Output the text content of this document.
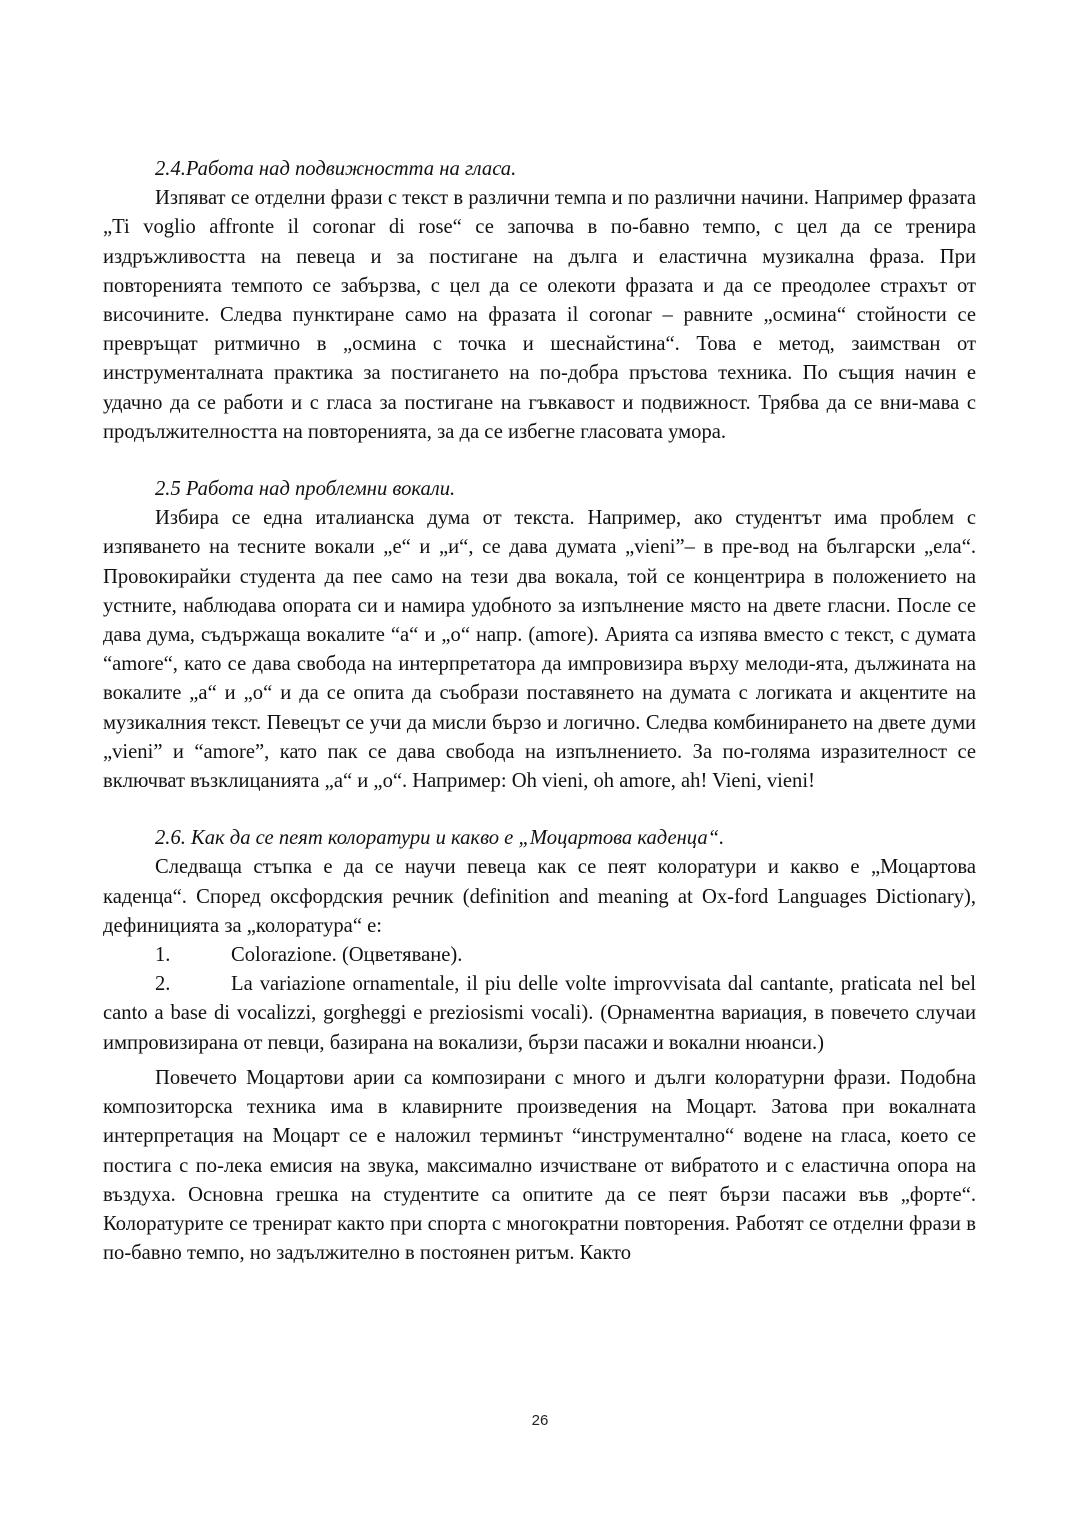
2.4.Работа над подвижността на гласа.

Изпяват се отделни фрази с текст в различни темпа и по различни начини. Например фразата „Ti voglio affronte il coronar di rose“ се започва в по-бавно темпо, с цел да се тренира издръжливостта на певеца и за постигане на дълга и еластична музикална фраза. При повторенията темпото се забързва, с цел да се олекоти фразата и да се преодолее страхът от височините. Следва пунктиране само на фразата il coronar – равните „осмина“ стойности се превръщат ритмично в „осмина с точка и шеснайстина“. Това е метод, заимстван от инструменталната практика за постигането на по-добра пръстова техника. По същия начин е удачно да се работи и с гласа за постигане на гъвкавост и подвижност. Трябва да се вни-мава с продължителността на повторенията, за да се избегне гласовата умора.

2.5 Работа над проблемни вокали.

Избира се една италианска дума от текста. Например, ако студентът има проблем с изпяването на тесните вокали „е“ и „и“, се дава думата „vieni”– в пре-вод на български „ела“. Провокирайки студента да пее само на тези два вокала, той се концентрира в положението на устните, наблюдава опората си и намира удобното за изпълнение място на двете гласни. После се дава дума, съдържаща вокалите “а“ и „о“ напр. (amore). Арията са изпява вместо с текст, с думата “amore“, като се дава свобода на интерпретатора да импровизира върху мелоди-ята, дължината на вокалите „а“ и „о“ и да се опита да съобрази поставянето на думата с логиката и акцентите на музикалния текст. Певецът се учи да мисли бързо и логично. Следва комбинирането на двете думи „vieni” и “amore”, като пак се дава свобода на изпълнението. За по-голяма изразителност се включват възклицанията „а“ и „о“. Например: Oh vieni, oh amore, ah! Vieni, vieni!

2.6. Как да се пеят колоратури и какво е „Моцартова каденца“.

Следваща стъпка е да се научи певеца как се пеят колоратури и какво е „Моцартова каденца“. Според оксфордския речник (definition and meaning at Ox-ford Languages Dictionary), дефиницията за „колоратура“ е:

1.	Colorazione. (Оцветяване).

2.	La variazione ornamentale, il piu delle volte improvvisata dal cantante, praticata nel bel canto a base di vocalizzi, gorgheggi e preziosismi vocali). (Орнаментна вариация, в повечето случаи импровизирана от певци, базирана на вокализи, бързи пасажи и вокални нюанси.)

Повечето Моцартови арии са композирани с много и дълги колоратурни фрази. Подобна композиторска техника има в клавирните произведения на Моцарт. Затова при вокалната интерпретация на Моцарт се е наложил терминът “инструментално“ водене на гласа, което се постига с по-лека емисия на звука, максимално изчистване от вибратото и с еластична опора на въздуха. Основна грешка на студентите са опитите да се пеят бързи пасажи във „форте“. Колоратурите се тренират както при спорта с многократни повторения. Работят се отделни фрази в по-бавно темпо, но задължително в постоянен ритъм. Както

26
